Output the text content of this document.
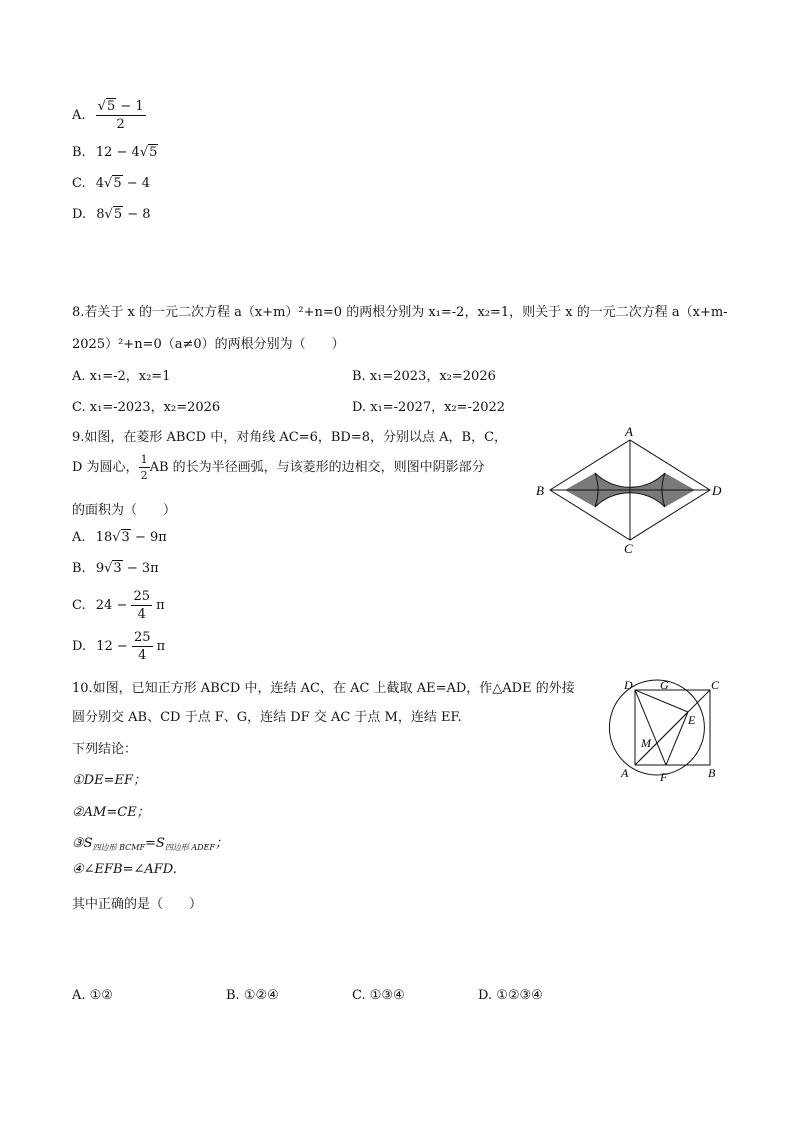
A. $\frac{√5 - 1}{2}$
B. 12 − 4√5
C. 4√5 − 4
D. 8√5 − 8
8.若关于 x 的一元二次方程 a（x+m）²+n=0 的两根分别为 x₁=-2，x₂=1，则关于 x 的一元二次方程 a（x+m-
2025）²+n=0（a≠0）的两根分别为（　　）
A. x₁=-2，x₂=1	B. x₁=2023，x₂=2026
C. x₁=-2023，x₂=2026	D. x₁=-2027，x₂=-2022
9.如图，在菱形 ABCD 中，对角线 AC=6，BD=8，分别以点 A，B，C，
D 为圆心， $\frac{1}{2}$ AB 的长为半径画弧，与该菱形的边相交，则图中阴影部分
的面积为（　　）
A. 18√3 − 9π
B. 9√3 − 3π
C. $24 - \frac{25}{4}$ π
D. $12 - \frac{25}{4}$ π
A
B
C
D
10.如图，已知正方形 ABCD 中，连结 AC，在 AC 上截取 AE=AD，作△ADE 的外接
圆分别交 AB、CD 于点 F、G，连结 DF 交 AC 于点 M，连结 EF.
下列结论：
①DE=EF；
②AM=CE；
$③S_{四边形 BCMF}=S_{四边形 ADEF}$；
④∠EFB=∠AFD.
其中正确的是（　　）
A. ①②	B. ①②④	C. ①③④	D. ①②③④
D G	C
E
M
A	F	B
